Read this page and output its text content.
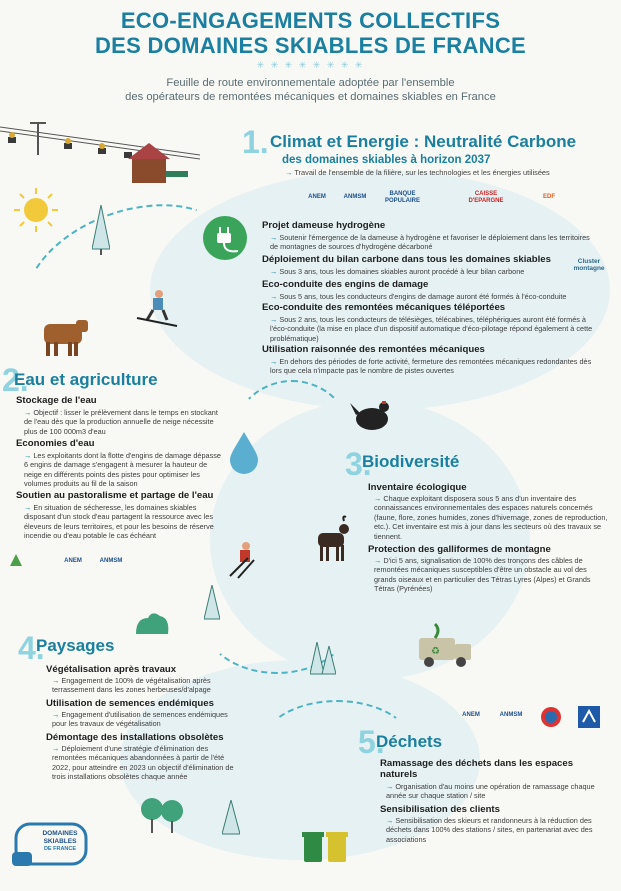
ECO-ENGAGEMENTS COLLECTIFS
DES DOMAINES SKIABLES DE FRANCE
✳ ✳ ✳ ✳ ✳ ✳ ✳ ✳
Feuille de route environnementale adoptée par l'ensemble
des opérateurs de remontées mécaniques et domaines skiables en France
1. Climat et Energie : Neutralité Carbone
des domaines skiables à horizon 2037
→ Travail de l'ensemble de la filière, sur les technologies et les énergies utilisées
ANEM	ANMSM	BANQUE POPULAIRE
CAISSE D'EPARGNE
EDF
Projet dameuse hydrogène
→ Soutenir l'émergence de la dameuse à hydrogène et favoriser le déploiement dans les territoires de montagnes de sources d'hydrogène décarboné
Déploiement du bilan carbone dans tous les domaines skiables
→ Sous 3 ans, tous les domaines skiables auront procédé à leur bilan carbone
Cluster montagne
Eco-conduite des engins de damage
→ Sous 5 ans, tous les conducteurs d'engins de damage auront été formés à l'éco-conduite
Eco-conduite des remontées mécaniques téléportées
→ Sous 2 ans, tous les conducteurs de télésièges, télécabines, téléphériques auront été formés à l'éco-conduite (la mise en place d'un dispositif automatique d'éco-pilotage répond également à cette problématique)
Utilisation raisonnée des remontées mécaniques
→ En dehors des périodes de forte activité, fermeture des remontées mécaniques redondantes dès lors que cela n'impacte pas le nombre de pistes ouvertes
2.
Eau et agriculture
Stockage de l'eau
→ Objectif : lisser le prélèvement dans le temps en stockant de l'eau dès que la production annuelle de neige nécessite plus de 100 000m3 d'eau
Economies d'eau
→ Les exploitants dont la flotte d'engins de damage dépasse 6 engins de damage s'engagent à mesurer la hauteur de neige en différents points des pistes pour optimiser les volumes produits au fil de la saison
Soutien au pastoralisme et partage de l'eau
→ En situation de sécheresse, les domaines skiables disposant d'un stock d'eau partagent la ressource avec les éleveurs de leurs territoires, et pour les besoins de réserve incendie ou d'eau potable le cas échéant
ANEM	ANMSM
3.
Biodiversité
Inventaire écologique
→ Chaque exploitant disposera sous 5 ans d'un inventaire des connaissances environnementales des espaces naturels concernés (faune, flore, zones humides, zones d'hivernage, zones de reproduction, etc.). Cet inventaire est mis à jour dans les secteurs où des travaux se tiennent.
Protection des galliformes de montagne
→ D'ici 5 ans, signalisation de 100% des tronçons des câbles de remontées mécaniques susceptibles d'être un obstacle au vol des grands oiseaux et en particulier des Tétras Lyres (Alpes) et Grands Tétras (Pyrénées)
♻
4.
Paysages
Végétalisation après travaux
→ Engagement de 100% de végétalisation après terrassement dans les zones herbeuses/d'alpage
Utilisation de semences endémiques
→ Engagement d'utilisation de semences endémiques pour les travaux de végétalisation
Démontage des installations obsolètes
→ Déploiement d'une stratégie d'élimination des remontées mécaniques abandonnées à partir de l'été 2022, pour atteindre en 2023 un objectif d'élimination de trois installations obsolètes chaque année
ANEM	ANMSM
5.
Déchets
Ramassage des déchets dans les espaces naturels
→ Organisation d'au moins une opération de ramassage chaque année sur chaque station / site
Sensibilisation des clients
→ Sensibilisation des skieurs et randonneurs à la réduction des déchets dans 100% des stations / sites, en partenariat avec des associations
DOMAINES
SKIABLES
DE FRANCE
